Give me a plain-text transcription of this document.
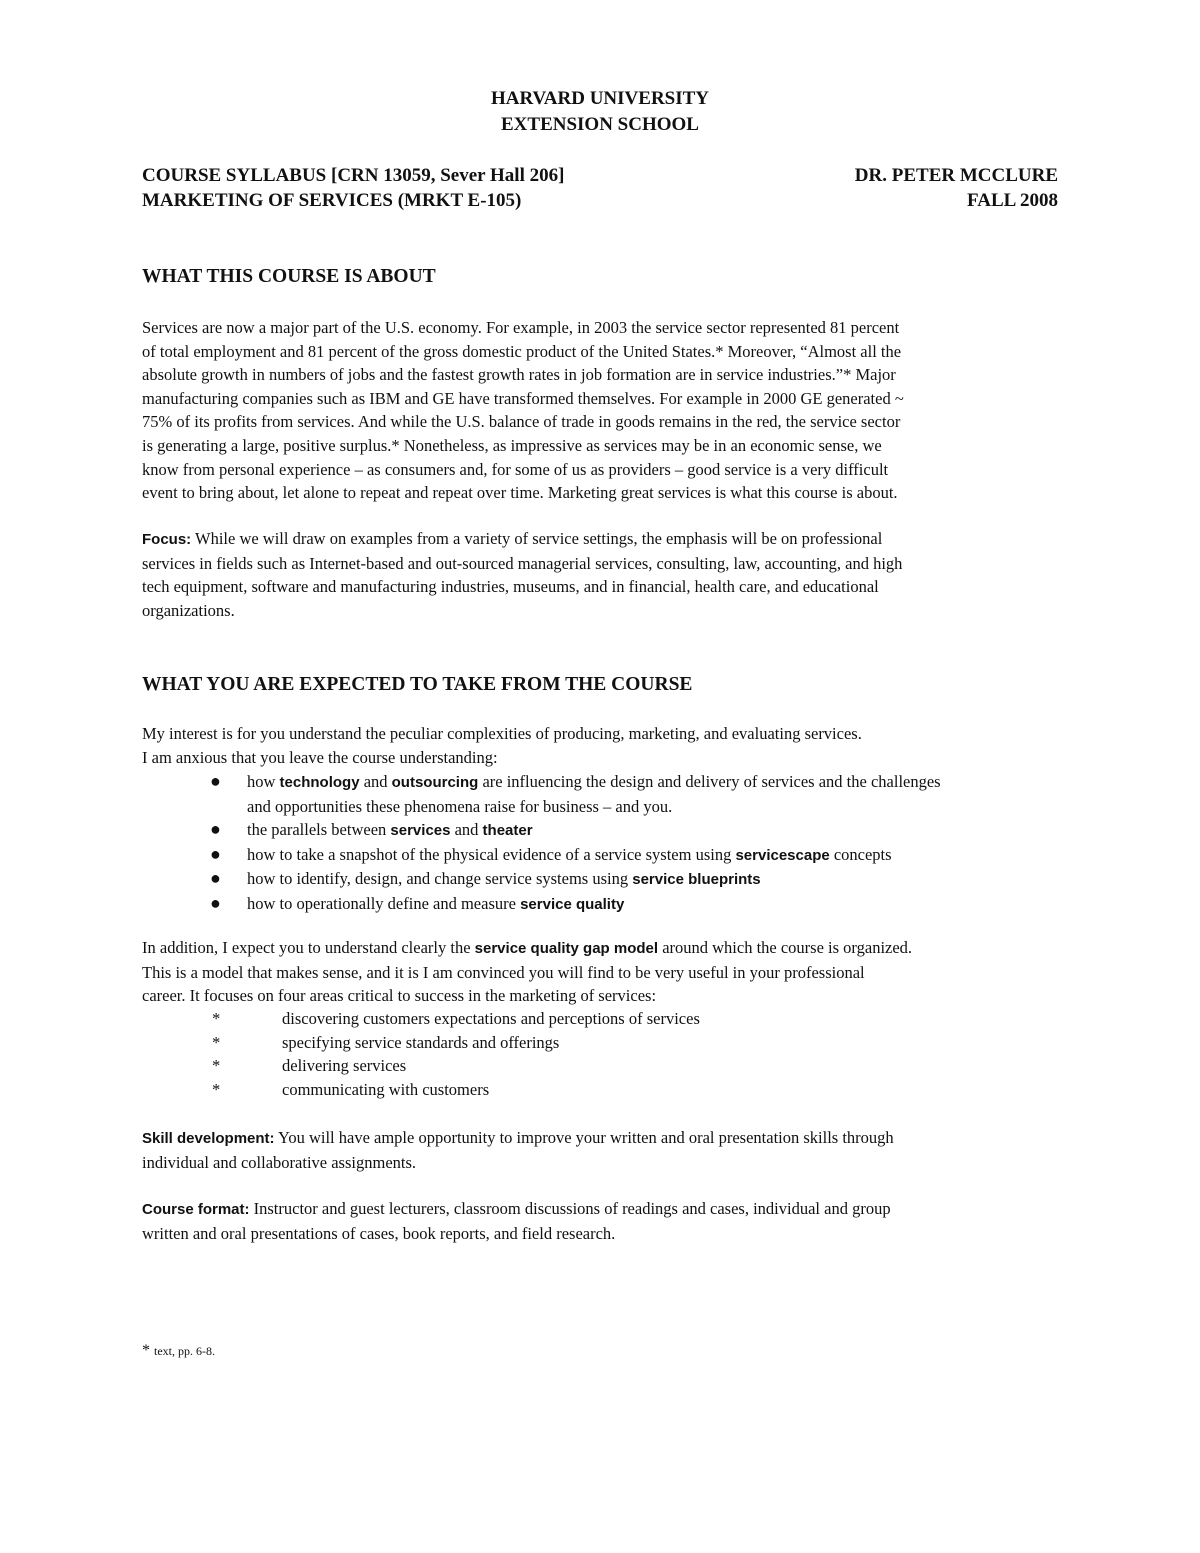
HARVARD UNIVERSITY
EXTENSION SCHOOL
COURSE SYLLABUS [CRN 13059, Sever Hall 206]
MARKETING OF SERVICES (MRKT E-105)
DR. PETER MCCLURE
FALL 2008
WHAT THIS COURSE IS ABOUT
Services are now a major part of the U.S. economy. For example, in 2003 the service sector represented 81 percent
of total employment and 81 percent of the gross domestic product of the United States.* Moreover, “Almost all the
absolute growth in numbers of jobs and the fastest growth rates in job formation are in service industries.”* Major
manufacturing companies such as IBM and GE have transformed themselves. For example in 2000 GE generated ~
75% of its profits from services. And while the U.S. balance of trade in goods remains in the red, the service sector
is generating a large, positive surplus.* Nonetheless, as impressive as services may be in an economic sense, we
know from personal experience – as consumers and, for some of us as providers – good service is a very difficult
event to bring about, let alone to repeat and repeat over time. Marketing great services is what this course is about.
Focus: While we will draw on examples from a variety of service settings, the emphasis will be on professional
services in fields such as Internet-based and out-sourced managerial services, consulting, law, accounting, and high
tech equipment, software and manufacturing industries, museums, and in financial, health care, and educational
organizations.
WHAT YOU ARE EXPECTED TO TAKE FROM THE COURSE
My interest is for you understand the peculiar complexities of producing, marketing, and evaluating services.
I am anxious that you leave the course understanding:
● how technology and outsourcing are influencing the design and delivery of services and the challenges
and opportunities these phenomena raise for business – and you.
● the parallels between services and theater
● how to take a snapshot of the physical evidence of a service system using servicescape concepts
● how to identify, design, and change service systems using service blueprints
● how to operationally define and measure service quality
In addition, I expect you to understand clearly the service quality gap model around which the course is organized.
This is a model that makes sense, and it is I am convinced you will find to be very useful in your professional
career. It focuses on four areas critical to success in the marketing of services:
*	discovering customers expectations and perceptions of services
*	specifying service standards and offerings
*	delivering services
*	communicating with customers
Skill development: You will have ample opportunity to improve your written and oral presentation skills through
individual and collaborative assignments.
Course format: Instructor and guest lecturers, classroom discussions of readings and cases, individual and group
written and oral presentations of cases, book reports, and field research.
* text, pp. 6-8.
